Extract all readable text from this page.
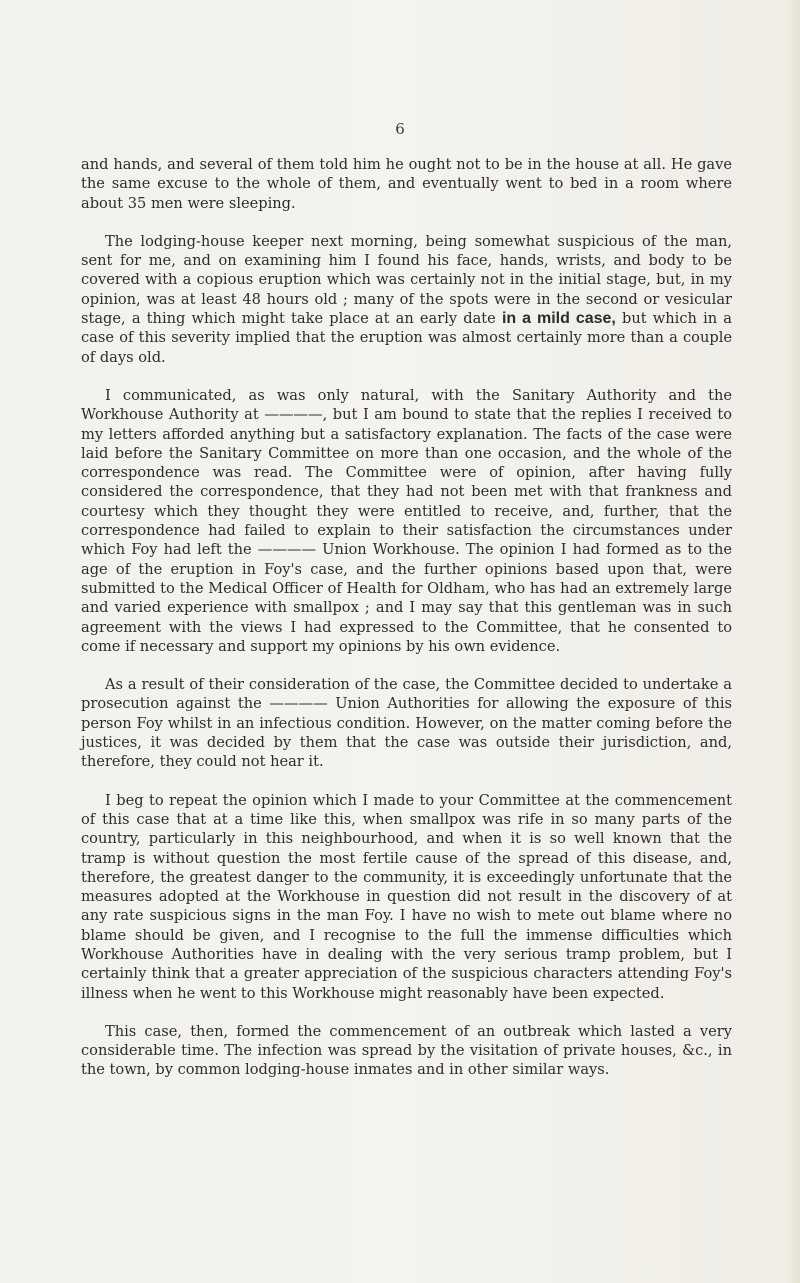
6

and hands, and several of them told him he ought not to be in the house at all. He gave the same excuse to the whole of them, and eventually went to bed in a room where about 35 men were sleeping.

The lodging-house keeper next morning, being somewhat suspicious of the man, sent for me, and on examining him I found his face, hands, wrists, and body to be covered with a copious eruption which was certainly not in the initial stage, but, in my opinion, was at least 48 hours old ; many of the spots were in the second or vesicular stage, a thing which might take place at an early date in a mild case, but which in a case of this severity implied that the eruption was almost certainly more than a couple of days old.

I communicated, as was only natural, with the Sanitary Authority and the Workhouse Authority at ————, but I am bound to state that the replies I received to my letters afforded anything but a satisfactory explanation. The facts of the case were laid before the Sanitary Committee on more than one occasion, and the whole of the correspondence was read. The Committee were of opinion, after having fully considered the correspondence, that they had not been met with that frankness and courtesy which they thought they were entitled to receive, and, further, that the correspondence had failed to explain to their satisfaction the circumstances under which Foy had left the ———— Union Workhouse. The opinion I had formed as to the age of the eruption in Foy's case, and the further opinions based upon that, were submitted to the Medical Officer of Health for Oldham, who has had an extremely large and varied experience with smallpox ; and I may say that this gentleman was in such agreement with the views I had expressed to the Committee, that he consented to come if necessary and support my opinions by his own evidence.

As a result of their consideration of the case, the Committee decided to undertake a prosecution against the ———— Union Authorities for allowing the exposure of this person Foy whilst in an infectious condition. However, on the matter coming before the justices, it was decided by them that the case was outside their jurisdiction, and, therefore, they could not hear it.

I beg to repeat the opinion which I made to your Committee at the commencement of this case that at a time like this, when smallpox was rife in so many parts of the country, particularly in this neighbourhood, and when it is so well known that the tramp is without question the most fertile cause of the spread of this disease, and, therefore, the greatest danger to the community, it is exceedingly unfortunate that the measures adopted at the Workhouse in question did not result in the discovery of at any rate suspicious signs in the man Foy. I have no wish to mete out blame where no blame should be given, and I recognise to the full the immense difficulties which Workhouse Authorities have in dealing with the very serious tramp problem, but I certainly think that a greater appreciation of the suspicious characters attending Foy's illness when he went to this Workhouse might reasonably have been expected.

This case, then, formed the commencement of an outbreak which lasted a very considerable time. The infection was spread by the visitation of private houses, &c., in the town, by common lodging-house inmates and in other similar ways.
